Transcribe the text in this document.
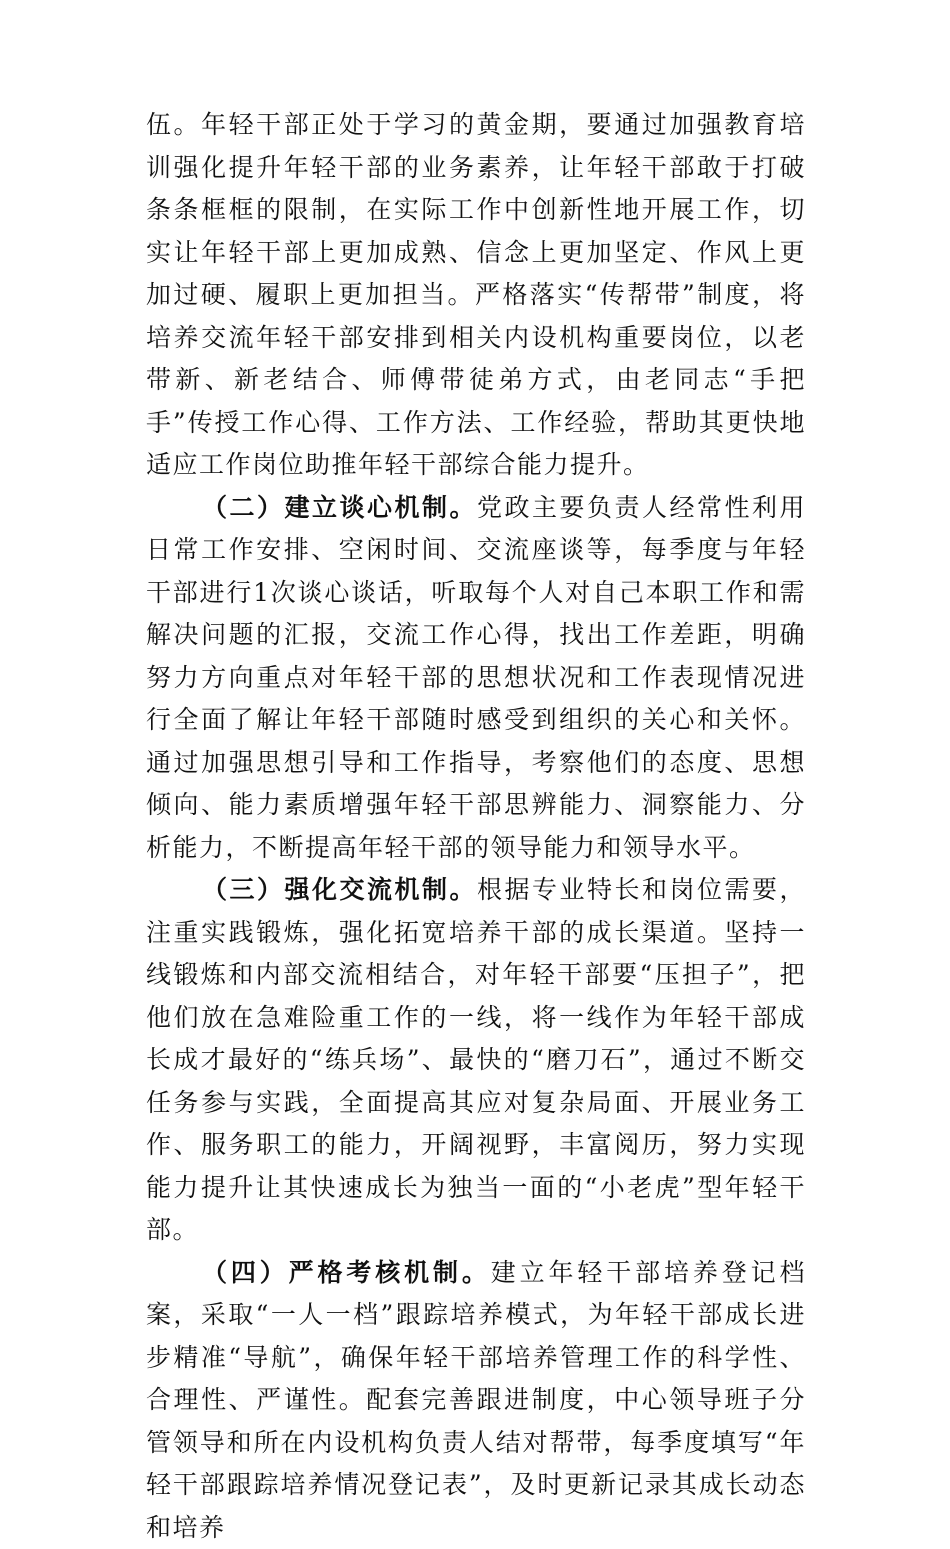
伍。年轻干部正处于学习的黄金期，要通过加强教育培训强化提升年轻干部的业务素养，让年轻干部敢于打破条条框框的限制，在实际工作中创新性地开展工作，切实让年轻干部上更加成熟、信念上更加坚定、作风上更加过硬、履职上更加担当。严格落实“传帮带”制度，将培养交流年轻干部安排到相关内设机构重要岗位，以老带新、新老结合、师傅带徒弟方式，由老同志“手把手”传授工作心得、工作方法、工作经验，帮助其更快地适应工作岗位助推年轻干部综合能力提升。

（二）建立谈心机制。党政主要负责人经常性利用日常工作安排、空闲时间、交流座谈等，每季度与年轻干部进行1次谈心谈话，听取每个人对自己本职工作和需解决问题的汇报，交流工作心得，找出工作差距，明确努力方向重点对年轻干部的思想状况和工作表现情况进行全面了解让年轻干部随时感受到组织的关心和关怀。通过加强思想引导和工作指导，考察他们的态度、思想倾向、能力素质增强年轻干部思辨能力、洞察能力、分析能力，不断提高年轻干部的领导能力和领导水平。

（三）强化交流机制。根据专业特长和岗位需要，注重实践锻炼，强化拓宽培养干部的成长渠道。坚持一线锻炼和内部交流相结合，对年轻干部要“压担子”，把他们放在急难险重工作的一线，将一线作为年轻干部成长成才最好的“练兵场”、最快的“磨刀石”，通过不断交任务参与实践，全面提高其应对复杂局面、开展业务工作、服务职工的能力，开阔视野，丰富阅历，努力实现能力提升让其快速成长为独当一面的“小老虎”型年轻干部。

（四）严格考核机制。建立年轻干部培养登记档案，采取“一人一档”跟踪培养模式，为年轻干部成长进步精准“导航”，确保年轻干部培养管理工作的科学性、合理性、严谨性。配套完善跟进制度，中心领导班子分管领导和所在内设机构负责人结对帮带，每季度填写“年轻干部跟踪培养情况登记表”，及时更新记录其成长动态和培养
